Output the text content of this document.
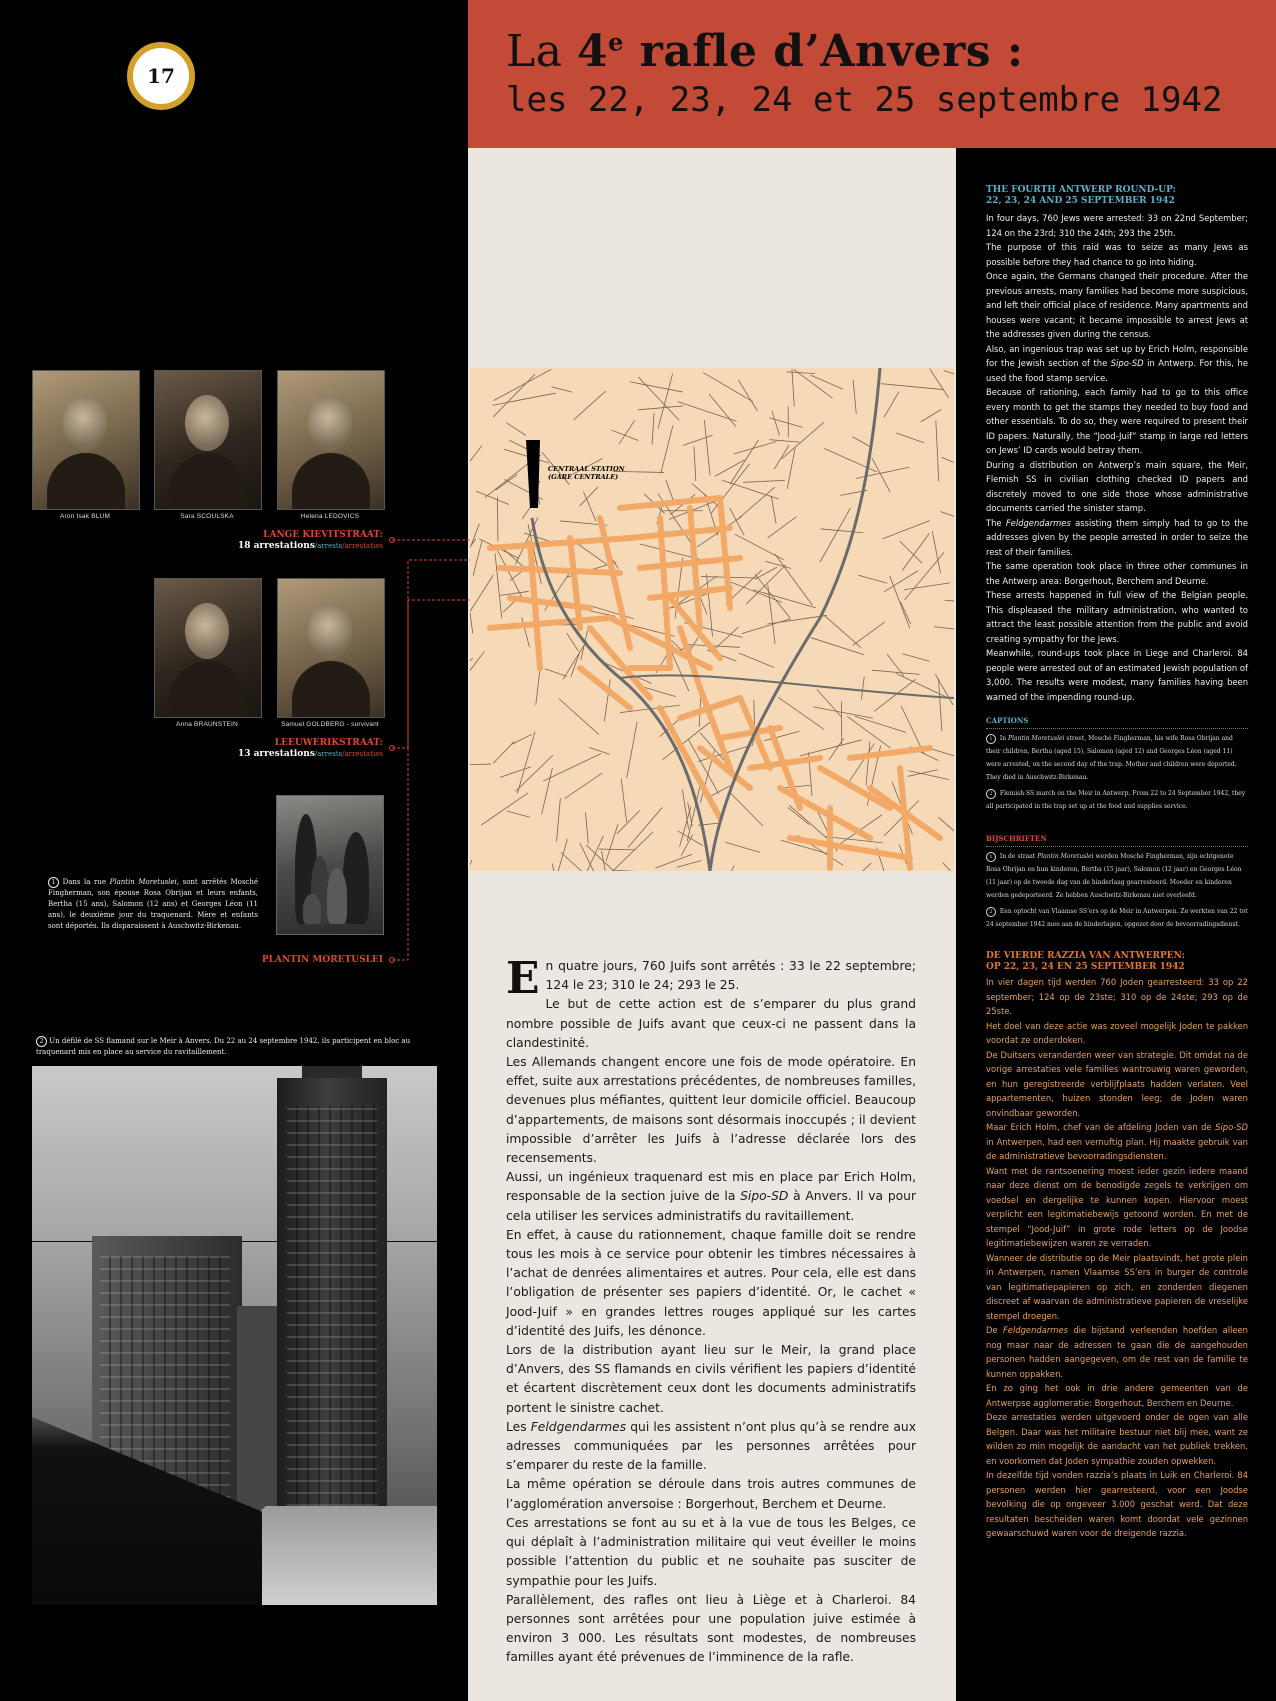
La 4e rafle d’Anvers :
les 22, 23, 24 et 25 septembre 1942
17
Aron Isak BLUM	Sara SCOULSKA	Helena LEDOVICS
Anna BRAUNSTEIN	Samuel GOLDBERG - survivant
LANGE KIEVITSTRAAT:
18 arrestations/arrests/arrestaties
LEEUWERIKSTRAAT:
13 arrestations/arrests/arrestaties
PLANTIN MORETUSLEI
1 Dans la rue Plantin Moretuslei, sont arrêtés Mosché Fingherman, son épouse Rosa Obrijan et leurs enfants, Bertha (15 ans), Salomon (12 ans) et Georges Léon (11 ans), le deuxième jour du traquenard. Mère et enfants sont déportés. Ils disparaissent à Auschwitz-Birkenau.
2 Un défilé de SS flamand sur le Meir à Anvers. Du 22 au 24 septembre 1942, ils participent en bloc au traquenard mis en place au service du ravitaillement.
CENTRAAL STATION
(GARE CENTRALE)
E n quatre jours, 760 Juifs sont arrêtés : 33 le 22 septembre; 124 le 23; 310 le 24; 293 le 25.

Le but de cette action est de s’emparer du plus grand nombre possible de Juifs avant que ceux-ci ne passent dans la clandestinité.

Les Allemands changent encore une fois de mode opératoire. En effet, suite aux arrestations précédentes, de nombreuses familles, devenues plus méfiantes, quittent leur domicile officiel. Beaucoup d’appartements, de maisons sont désormais inoccupés ; il devient impossible d’arrêter les Juifs à l’adresse déclarée lors des recensements.

Aussi, un ingénieux traquenard est mis en place par Erich Holm, responsable de la section juive de la Sipo-SD à Anvers. Il va pour cela utiliser les services administratifs du ravitaillement.

En effet, à cause du rationnement, chaque famille doit se rendre tous les mois à ce service pour obtenir les timbres nécessaires à l’achat de denrées alimentaires et autres. Pour cela, elle est dans l’obligation de présenter ses papiers d’identité. Or, le cachet « Jood-Juif » en grandes lettres rouges appliqué sur les cartes d’identité des Juifs, les dénonce.

Lors de la distribution ayant lieu sur le Meir, la grand place d’Anvers, des SS flamands en civils vérifient les papiers d’identité et écartent discrètement ceux dont les documents administratifs portent le sinistre cachet.

Les Feldgendarmes qui les assistent n’ont plus qu’à se rendre aux adresses communiquées par les personnes arrêtées pour s’emparer du reste de la famille.

La même opération se déroule dans trois autres communes de l’agglomération anversoise : Borgerhout, Berchem et Deurne.

Ces arrestations se font au su et à la vue de tous les Belges, ce qui déplaît à l’administration militaire qui veut éveiller le moins possible l’attention du public et ne souhaite pas susciter de sympathie pour les Juifs.

Parallèlement, des rafles ont lieu à Liège et à Charleroi. 84 personnes sont arrêtées pour une population juive estimée à environ 3 000. Les résultats sont modestes, de nombreuses familles ayant été prévenues de l’imminence de la rafle.

THE FOURTH ANTWERP ROUND-UP:
22, 23, 24 AND 25 SEPTEMBER 1942

In four days, 760 Jews were arrested: 33 on 22nd September; 124 on the 23rd; 310 the 24th; 293 the 25th.

The purpose of this raid was to seize as many Jews as possible before they had chance to go into hiding.

Once again, the Germans changed their procedure. After the previous arrests, many families had become more suspicious, and left their official place of residence. Many apartments and houses were vacant; it became impossible to arrest Jews at the addresses given during the census.

Also, an ingenious trap was set up by Erich Holm, responsible for the Jewish section of the Sipo-SD in Antwerp. For this, he used the food stamp service.

Because of rationing, each family had to go to this office every month to get the stamps they needed to buy food and other essentials. To do so, they were required to present their ID papers. Naturally, the “Jood-Juif” stamp in large red letters on Jews’ ID cards would betray them.

During a distribution on Antwerp’s main square, the Meir, Flemish SS in civilian clothing checked ID papers and discretely moved to one side those whose administrative documents carried the sinister stamp.

The Feldgendarmes assisting them simply had to go to the addresses given by the people arrested in order to seize the rest of their families.

The same operation took place in three other communes in the Antwerp area: Borgerhout, Berchem and Deurne.

These arrests happened in full view of the Belgian people. This displeased the military administration, who wanted to attract the least possible attention from the public and avoid creating sympathy for the Jews.

Meanwhile, round-ups took place in Liege and Charleroi. 84 people were arrested out of an estimated Jewish population of 3,000. The results were modest, many families having been warned of the impending round-up.

CAPTIONS

1 In Plantin Moretuslei street, Mosché Fingherman, his wife Rosa Obrijan and their children, Bertha (aged 15), Salomon (aged 12) and Georges Léon (aged 11) were arrested, on the second day of the trap. Mother and children were deported. They died in Auschwitz-Birkenau.

2 Flemish SS march on the Meir in Antwerp. From 22 to 24 September 1942, they all participated in the trap set up at the food and supplies service.

BIJSCHRIFTEN

1 In de straat Plantin Moretuslei werden Mosché Fingherman, zijn echtgenote Rosa Obrijan en hun kinderen, Bertha (15 jaar), Salomon (12 jaar) en Georges Léon (11 jaar) op de tweede dag van de hinderlaag gearresteerd. Moeder en kinderen werden gedeporteerd. Ze hebben Auschwitz-Birkenau niet overleefd.

2 Een optocht van Vlaamse SS’ers op de Meir in Antwerpen. Ze werkten van 22 tot 24 september 1942 mee aan de hinderlagen, opgezet door de bevoorradingsdienst.

DE VIERDE RAZZIA VAN ANTWERPEN:
OP 22, 23, 24 EN 25 SEPTEMBER 1942

In vier dagen tijd werden 760 Joden gearresteerd: 33 op 22 september; 124 op de 23ste; 310 op de 24ste; 293 op de 25ste.

Het doel van deze actie was zoveel mogelijk Joden te pakken voordat ze onderdoken.

De Duitsers veranderden weer van strategie. Dit omdat na de vorige arrestaties vele families wantrouwig waren geworden, en hun geregistreerde verblijfplaats hadden verlaten. Veel appartementen, huizen stonden leeg; de Joden waren onvindbaar geworden.

Maar Erich Holm, chef van de afdeling Joden van de Sipo-SD in Antwerpen, had een vernuftig plan. Hij maakte gebruik van de administratieve bevoorradingsdiensten.

Want met de rantsoenering moest ieder gezin iedere maand naar deze dienst om de benodigde zegels te verkrijgen om voedsel en dergelijke te kunnen kopen. Hiervoor moest verplicht een legitimatiebewijs getoond worden. En met de stempel “Jood-Juif” in grote rode letters op de Joodse legitimatiebewijzen waren ze verraden.

Wanneer de distributie op de Meir plaatsvindt, het grote plein in Antwerpen, namen Vlaamse SS’ers in burger de controle van legitimatiepapieren op zich, en zonderden diegenen discreet af waarvan de administratieve papieren de vreselijke stempel droegen.

De Feldgendarmes die bijstand verleenden hoefden alleen nog maar naar de adressen te gaan die de aangehouden personen hadden aangegeven, om de rest van de familie te kunnen oppakken.

En zo ging het ook in drie andere gemeenten van de Antwerpse agglomeratie: Borgerhout, Berchem en Deurne.

Deze arrestaties werden uitgevoerd onder de ogen van alle Belgen. Daar was het militaire bestuur niet blij mee, want ze wilden zo min mogelijk de aandacht van het publiek trekken, en voorkomen dat Joden sympathie zouden opwekken.

In dezelfde tijd vonden razzia’s plaats in Luik en Charleroi. 84 personen werden hier gearresteerd, voor een Joodse bevolking die op ongeveer 3.000 geschat werd. Dat deze resultaten bescheiden waren komt doordat vele gezinnen gewaarschuwd waren voor de dreigende razzia.
